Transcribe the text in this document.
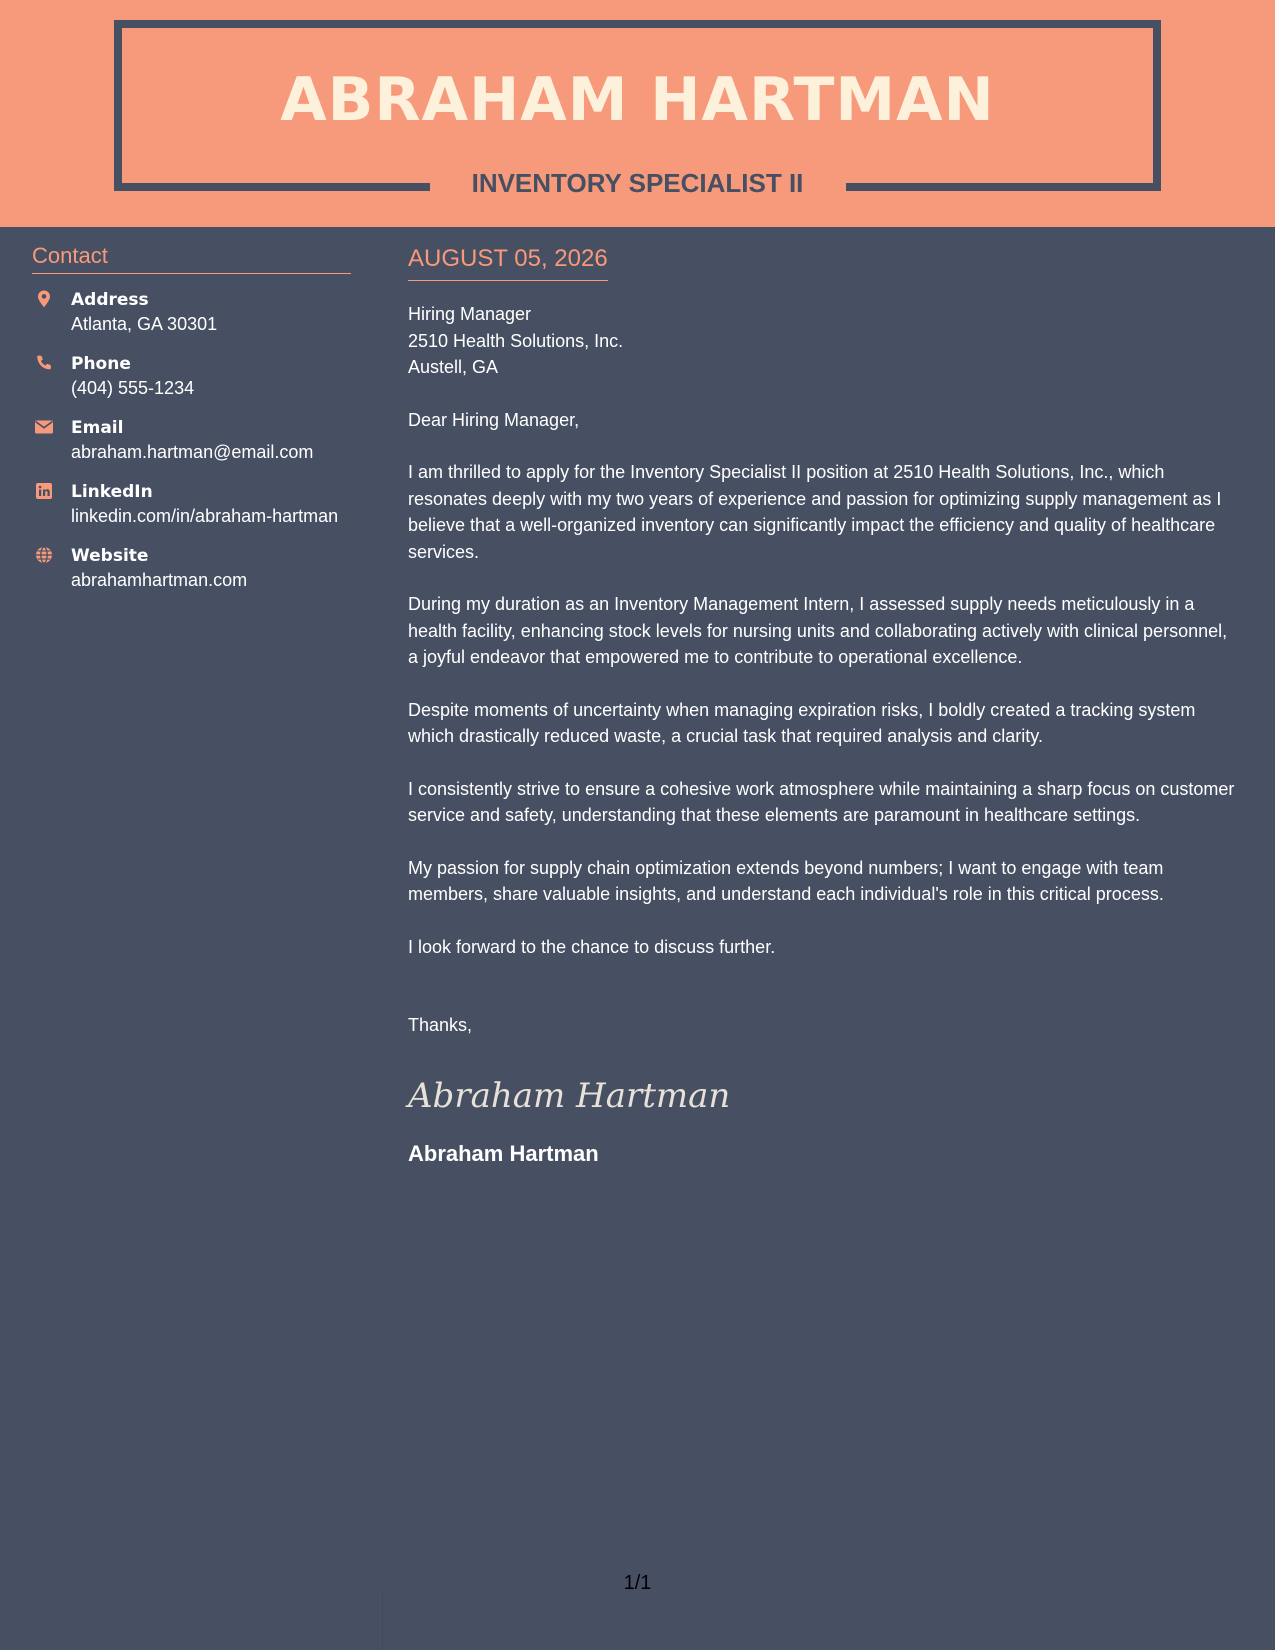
ABRAHAM HARTMAN
INVENTORY SPECIALIST II
Contact
Address
Atlanta, GA 30301
Phone
(404) 555-1234
Email
abraham.hartman@email.com
LinkedIn
linkedin.com/in/abraham-hartman
Website
abrahamhartman.com
AUGUST 05, 2026
Hiring Manager
2510 Health Solutions, Inc.
Austell, GA
Dear Hiring Manager,
I am thrilled to apply for the Inventory Specialist II position at 2510 Health Solutions, Inc., which resonates deeply with my two years of experience and passion for optimizing supply management as I believe that a well-organized inventory can significantly impact the efficiency and quality of healthcare services.
During my duration as an Inventory Management Intern, I assessed supply needs meticulously in a health facility, enhancing stock levels for nursing units and collaborating actively with clinical personnel, a joyful endeavor that empowered me to contribute to operational excellence.
Despite moments of uncertainty when managing expiration risks, I boldly created a tracking system which drastically reduced waste, a crucial task that required analysis and clarity.
I consistently strive to ensure a cohesive work atmosphere while maintaining a sharp focus on customer service and safety, understanding that these elements are paramount in healthcare settings.
My passion for supply chain optimization extends beyond numbers; I want to engage with team members, share valuable insights, and understand each individual's role in this critical process.
I look forward to the chance to discuss further.
Thanks,
Abraham Hartman
Abraham Hartman
1/1
